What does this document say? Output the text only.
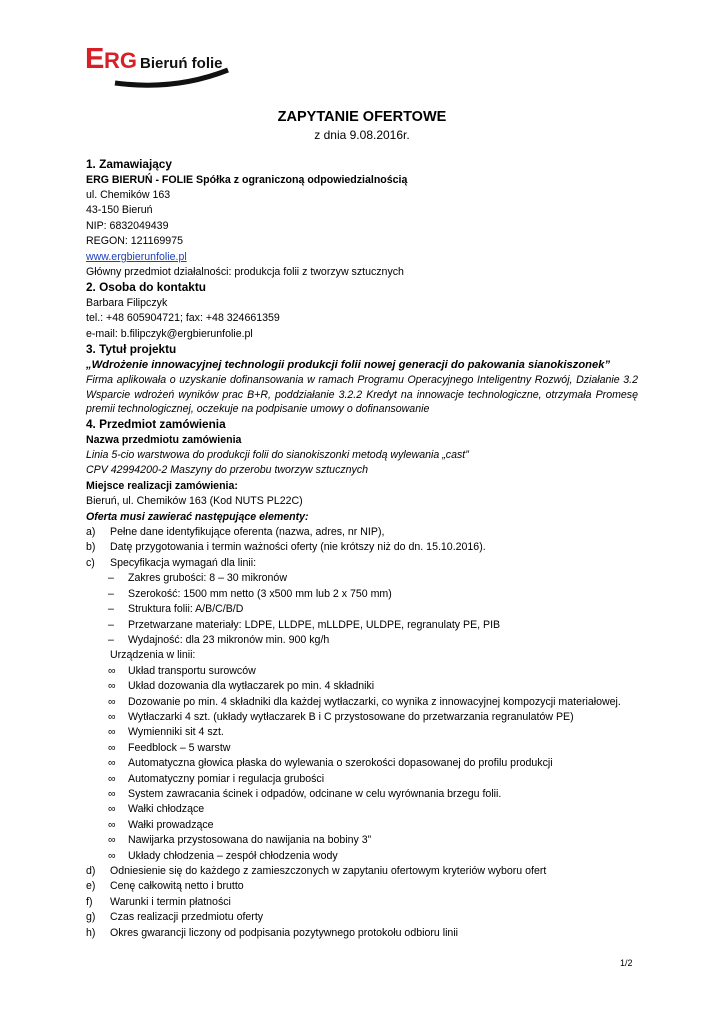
E RG Bieruń folie
ZAPYTANIE OFERTOWE
z dnia 9.08.2016r.
1. Zamawiający
ERG BIERUŃ - FOLIE Spółka z ograniczoną odpowiedzialnością
ul. Chemików 163
43-150 Bieruń
NIP: 6832049439
REGON: 121169975
www.ergbierunfolie.pl
Główny przedmiot działalności: produkcja folii z tworzyw sztucznych
2. Osoba do kontaktu
Barbara Filipczyk
tel.: +48 605904721; fax: +48 324661359
e-mail: b.filipczyk@ergbierunfolie.pl
3. Tytuł projektu
„Wdrożenie innowacyjnej technologii produkcji folii nowej generacji do pakowania sianokiszonek”
Firma aplikowała o uzyskanie dofinansowania w ramach Programu Operacyjnego Inteligentny Rozwój, Działanie 3.2 Wsparcie wdrożeń wyników prac B+R, poddziałanie 3.2.2 Kredyt na innowacje technologiczne, otrzymała Promesę premii technologicznej, oczekuje na podpisanie umowy o dofinansowanie
4. Przedmiot zamówienia
Nazwa przedmiotu zamówienia
Linia 5-cio warstwowa do produkcji folii do sianokiszonki metodą wylewania „cast”
CPV 42994200-2 Maszyny do przerobu tworzyw sztucznych
Miejsce realizacji zamówienia:
Bieruń, ul. Chemików 163 (Kod NUTS PL22C)
Oferta musi zawierać następujące elementy:
a) Pełne dane identyfikujące oferenta (nazwa, adres, nr NIP),
b) Datę przygotowania i termin ważności oferty (nie krótszy niż do dn. 15.10.2016).
c) Specyfikacja wymagań dla linii:
– Zakres grubości: 8 – 30 mikronów
– Szerokość: 1500 mm netto (3 x500 mm lub 2 x 750 mm)
– Struktura folii: A/B/C/B/D
– Przetwarzane materiały: LDPE, LLDPE, mLLDPE, ULDPE, regranulaty PE, PIB
– Wydajność: dla 23 mikronów min. 900 kg/h
Urządzenia w linii:
∞ Układ transportu surowców
∞ Układ dozowania dla wytłaczarek po min. 4 składniki
∞ Dozowanie po min. 4 składniki dla każdej wytłaczarki, co wynika z innowacyjnej kompozycji materiałowej.
∞ Wytłaczarki 4 szt. (układy wytłaczarek B i C przystosowane do przetwarzania regranulatów PE)
∞ Wymienniki sit 4 szt.
∞ Feedblock – 5 warstw
∞ Automatyczna głowica płaska do wylewania o szerokości dopasowanej do profilu produkcji
∞ Automatyczny pomiar i regulacja grubości
∞ System zawracania ścinek i odpadów, odcinane w celu wyrównania brzegu folii.
∞ Wałki chłodzące
∞ Wałki prowadzące
∞ Nawijarka przystosowana do nawijania na bobiny 3”
∞ Układy chłodzenia – zespół chłodzenia wody
d) Odniesienie się do każdego z zamieszczonych w zapytaniu ofertowym kryteriów wyboru ofert
e) Cenę całkowitą netto i brutto
f) Warunki i termin płatności
g) Czas realizacji przedmiotu oferty
h) Okres gwarancji liczony od podpisania pozytywnego protokołu odbioru linii
1/2
